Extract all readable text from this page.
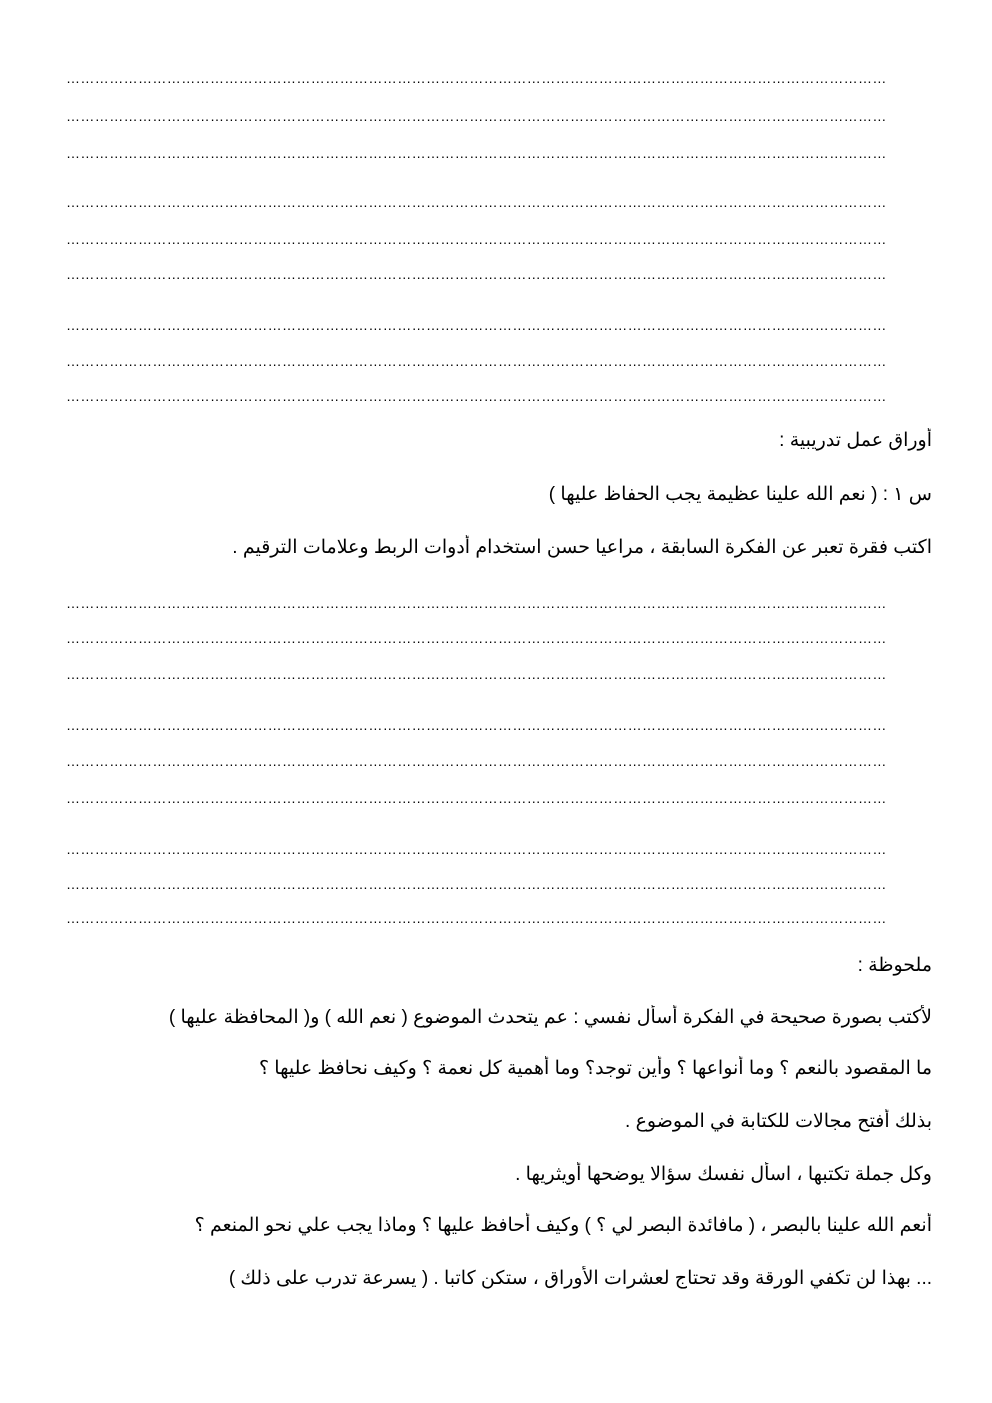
………………………………………………………………………………………………………………………………………………………
………………………………………………………………………………………………………………………………………………………
………………………………………………………………………………………………………………………………………………………
………………………………………………………………………………………………………………………………………………………
………………………………………………………………………………………………………………………………………………………
………………………………………………………………………………………………………………………………………………………
………………………………………………………………………………………………………………………………………………………
………………………………………………………………………………………………………………………………………………………
………………………………………………………………………………………………………………………………………………………
أوراق عمل تدريبية :
س ١ : ( نعم الله علينا عظيمة يجب الحفاظ عليها )
اكتب فقرة تعبر عن الفكرة السابقة ، مراعيا حسن استخدام أدوات الربط وعلامات الترقيم .
………………………………………………………………………………………………………………………………………………………
………………………………………………………………………………………………………………………………………………………
………………………………………………………………………………………………………………………………………………………
………………………………………………………………………………………………………………………………………………………
………………………………………………………………………………………………………………………………………………………
………………………………………………………………………………………………………………………………………………………
………………………………………………………………………………………………………………………………………………………
………………………………………………………………………………………………………………………………………………………
………………………………………………………………………………………………………………………………………………………
ملحوظة :
لأكتب بصورة صحيحة في الفكرة أسأل نفسي : عم يتحدث الموضوع ( نعم الله ) و( المحافظة عليها )
ما المقصود بالنعم ؟ وما أنواعها ؟ وأين توجد؟ وما أهمية كل نعمة ؟ وكيف نحافظ عليها ؟
بذلك أفتح مجالات للكتابة في الموضوع .
وكل جملة تكتبها ، اسأل نفسك سؤالا يوضحها أويثريها .
أنعم الله علينا بالبصر ، ( مافائدة البصر لي ؟ ) وكيف أحافظ عليها ؟ وماذا يجب علي نحو المنعم ؟
... بهذا لن تكفي الورقة وقد تحتاج لعشرات الأوراق ، ستكن كاتبا . ( يسرعة تدرب على ذلك )
